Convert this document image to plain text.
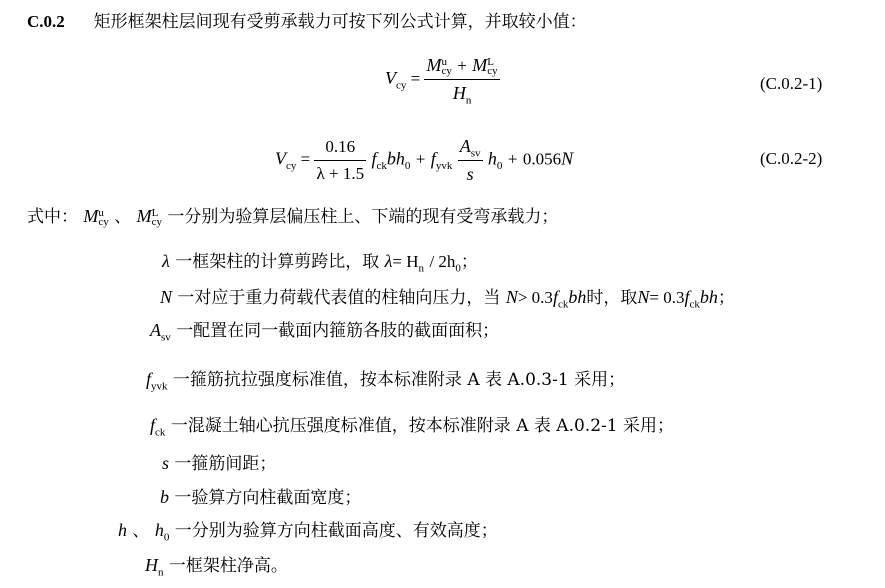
C.0.2 矩形框架柱层间现有受剪承载力可按下列公式计算，并取较小值：
$V_{cy} = M$ u
cy + M L
cy
$H_n$	(C.0.2-1)
$V_{cy} = \frac{0.16}{\lambda + 1.5} f_{ck}bh_0 + f_{yvk} \frac{A_{sv}}{s} h_0 + 0.056N$	(C.0.2-2)
式中： M u
cy 、 M L
cy 一分别为验算层偏压柱上、下端的现有受弯承载力；
λ 一框架柱的计算剪跨比，取 $\lambda= H_n / 2h_0$；
N 一对应于重力荷载代表值的柱轴向压力，当 $N> 0.3f_{ck}bh$时，取$N= 0.3f_{ck}bh$；
$A_{sv}$ 一配置在同一截面内箍筋各肢的截面面积；
$f_{yvk}$ 一箍筋抗拉强度标准值，按本标准附录 A 表 A.0.3-1 采用；
$f_{ck}$ 一混凝土轴心抗压强度标准值，按本标准附录 A 表 A.0.2-1 采用；
s 一箍筋间距；
b 一验算方向柱截面宽度；
h 、 $h_0$ 一分别为验算方向柱截面高度、有效高度；
$H_n$ 一框架柱净高。
